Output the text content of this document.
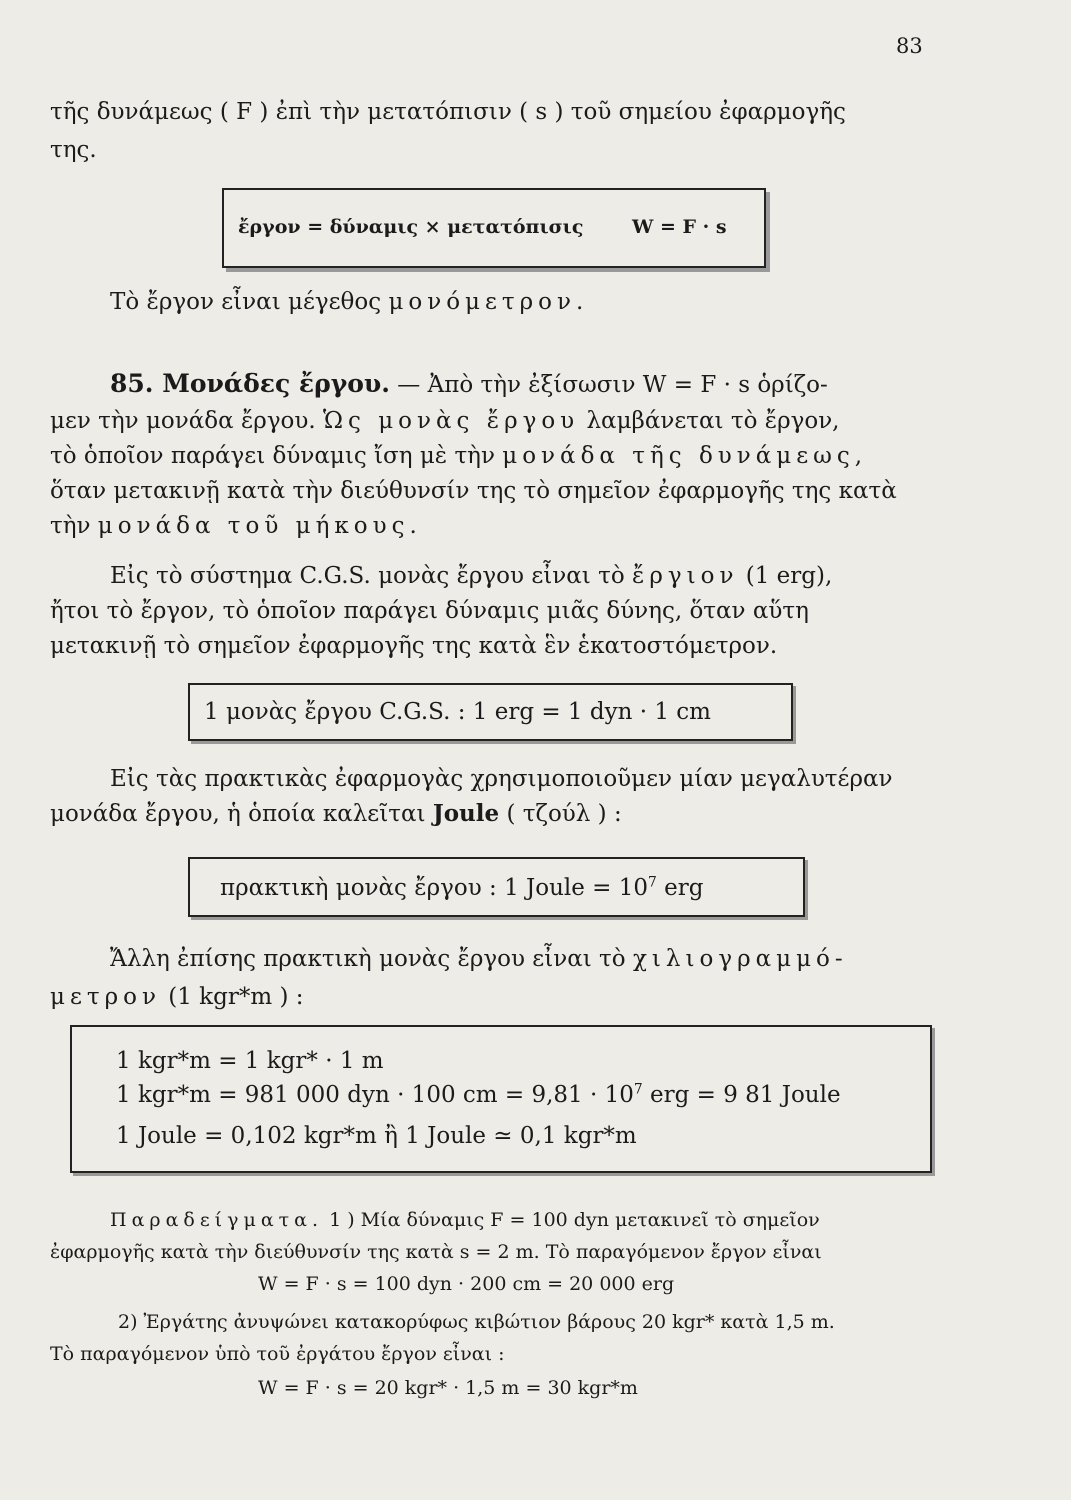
83
τῆς δυνάμεως ( F ) ἐπὶ τὴν μετατόπισιν ( s ) τοῦ σημείου ἐφαρμογῆς
της.
ἔργον = δύναμις × μετατόπισις	W = F · s
Τὸ ἔργον εἶναι μέγεθος μονόμετρον.
85. Μονάδες ἔργου. — Ἀπὸ τὴν ἐξίσωσιν W = F · s ὁρίζο-
μεν τὴν μονάδα ἔργου. Ὡς μονὰς ἔργου λαμβάνεται τὸ ἔργον,
τὸ ὁποῖον παράγει δύναμις ἴση μὲ τὴν μονάδα τῆς δυνάμεως,
ὅταν μετακινῇ κατὰ τὴν διεύθυνσίν της τὸ σημεῖον ἐφαρμογῆς της κατὰ
τὴν μονάδα τοῦ μήκους.
Εἰς τὸ σύστημα C.G.S. μονὰς ἔργου εἶναι τὸ ἔργιον (1 erg),
ἤτοι τὸ ἔργον, τὸ ὁποῖον παράγει δύναμις μιᾶς δύνης, ὅταν αὕτη
μετακινῇ τὸ σημεῖον ἐφαρμογῆς της κατὰ ἓν ἑκατοστόμετρον.
1 μονὰς ἔργου C.G.S. : 1 erg = 1 dyn · 1 cm
Εἰς τὰς πρακτικὰς ἐφαρμογὰς χρησιμοποιοῦμεν μίαν μεγαλυτέραν
μονάδα ἔργου, ἡ ὁποία καλεῖται Joule ( τζούλ ) :
πρακτικὴ μονὰς ἔργου : 1 Joule = $10^7$ erg
Ἄλλη ἐπίσης πρακτικὴ μονὰς ἔργου εἶναι τὸ χιλιογραμμό-
μετρον (1 kgr*m ) :
1 kgr*m = 1 kgr* · 1 m
1 kgr*m = 981 000 dyn · 100 cm = $9,81 \cdot 10^7$ erg = 9 81 Joule
1 Joule = 0,102 kgr*m ἢ 1 Joule ≃ 0,1 kgr*m
Παραδείγματα. 1 ) Μία δύναμις F = 100 dyn μετακινεῖ τὸ σημεῖον
ἐφαρμογῆς κατὰ τὴν διεύθυνσίν της κατὰ s = 2 m. Τὸ παραγόμενον ἔργον εἶναι
W = F · s = 100 dyn · 200 cm = 20 000 erg
2) Ἐργάτης ἀνυψώνει κατακορύφως κιβώτιον βάρους 20 kgr* κατὰ 1,5 m.
Τὸ παραγόμενον ὑπὸ τοῦ ἐργάτου ἔργον εἶναι :
W = F · s = 20 kgr* · 1,5 m = 30 kgr*m
